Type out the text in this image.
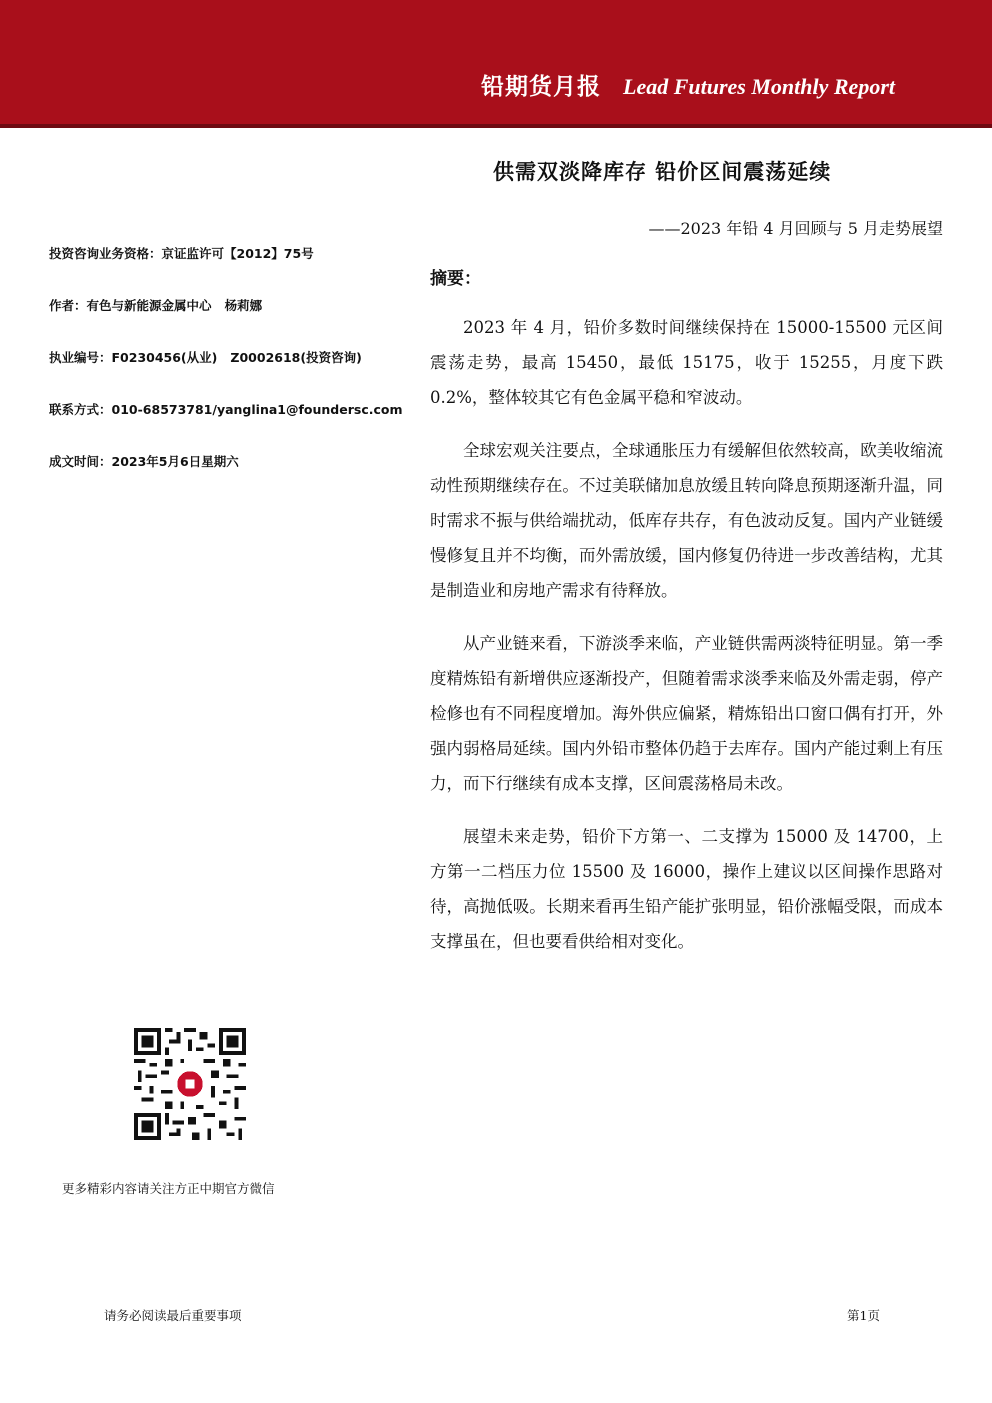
铅期货月报 Lead Futures Monthly Report
投资咨询业务资格：京证监许可【2012】75号
作者：有色与新能源金属中心   杨莉娜
执业编号：F0230456(从业)   Z0002618(投资咨询)
联系方式：010-68573781/yanglina1@foundersc.com
成文时间：2023年5月6日星期六
更多精彩内容请关注方正中期官方微信
供需双淡降库存 铅价区间震荡延续
——2023 年铅 4 月回顾与 5 月走势展望
摘要：

2023 年 4 月，铅价多数时间继续保持在 15000-15500 元区间震荡走势，最高 15450，最低 15175，收于 15255，月度下跌 0.2%，整体较其它有色金属平稳和窄波动。

全球宏观关注要点，全球通胀压力有缓解但依然较高，欧美收缩流动性预期继续存在。不过美联储加息放缓且转向降息预期逐渐升温，同时需求不振与供给端扰动，低库存共存，有色波动反复。国内产业链缓慢修复且并不均衡，而外需放缓，国内修复仍待进一步改善结构，尤其是制造业和房地产需求有待释放。

从产业链来看，下游淡季来临，产业链供需两淡特征明显。第一季度精炼铅有新增供应逐渐投产，但随着需求淡季来临及外需走弱，停产检修也有不同程度增加。海外供应偏紧，精炼铅出口窗口偶有打开，外强内弱格局延续。国内外铅市整体仍趋于去库存。国内产能过剩上有压力，而下行继续有成本支撑，区间震荡格局未改。

展望未来走势，铅价下方第一、二支撑为 15000 及 14700，上方第一二档压力位 15500 及 16000，操作上建议以区间操作思路对待，高抛低吸。长期来看再生铅产能扩张明显，铅价涨幅受限，而成本支撑虽在，但也要看供给相对变化。

请务必阅读最后重要事项	第1页
